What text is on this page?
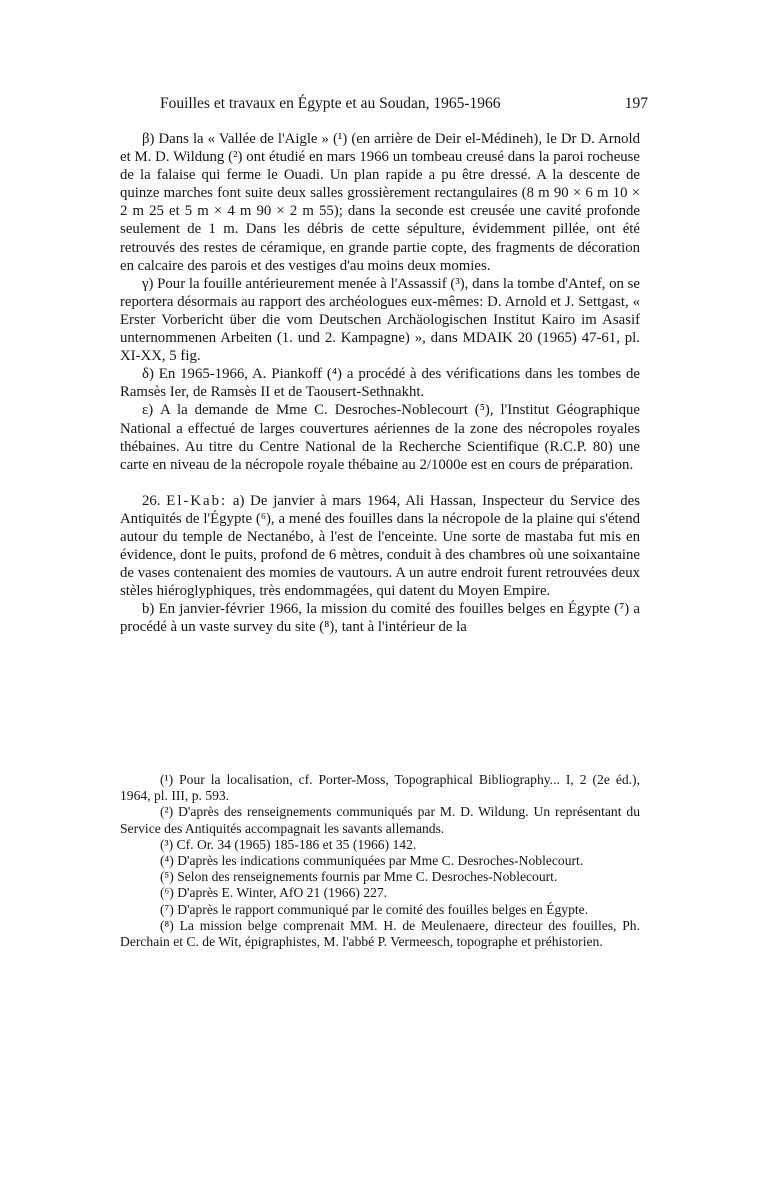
Fouilles et travaux en Égypte et au Soudan, 1965-1966	197

β) Dans la « Vallée de l'Aigle » (¹) (en arrière de Deir el-Médineh), le Dr D. Arnold et M. D. Wildung (²) ont étudié en mars 1966 un tombeau creusé dans la paroi rocheuse de la falaise qui ferme le Ouadi. Un plan rapide a pu être dressé. A la descente de quinze marches font suite deux salles grossièrement rectangulaires (8 m 90 × 6 m 10 × 2 m 25 et 5 m × 4 m 90 × 2 m 55); dans la seconde est creusée une cavité profonde seulement de 1 m. Dans les débris de cette sépulture, évidemment pillée, ont été retrouvés des restes de céramique, en grande partie copte, des fragments de décoration en calcaire des parois et des vestiges d'au moins deux momies.

γ) Pour la fouille antérieurement menée à l'Assassif (³), dans la tombe d'Antef, on se reportera désormais au rapport des archéologues eux-mêmes: D. Arnold et J. Settgast, « Erster Vorbericht über die vom Deutschen Archäologischen Institut Kairo im Asasif unternommenen Arbeiten (1. und 2. Kampagne) », dans MDAIK 20 (1965) 47-61, pl. XI-XX, 5 fig.

δ) En 1965-1966, A. Piankoff (⁴) a procédé à des vérifications dans les tombes de Ramsès Ier, de Ramsès II et de Taousert-Sethnakht.

ε) A la demande de Mme C. Desroches-Noblecourt (⁵), l'Institut Géographique National a effectué de larges couvertures aériennes de la zone des nécropoles royales thébaines. Au titre du Centre National de la Recherche Scientifique (R.C.P. 80) une carte en niveau de la nécropole royale thébaine au 2/1000e est en cours de préparation.

26. El-Kab: a) De janvier à mars 1964, Ali Hassan, Inspecteur du Service des Antiquités de l'Égypte (⁶), a mené des fouilles dans la nécropole de la plaine qui s'étend autour du temple de Nectanébo, à l'est de l'enceinte. Une sorte de mastaba fut mis en évidence, dont le puits, profond de 6 mètres, conduit à des chambres où une soixantaine de vases contenaient des momies de vautours. A un autre endroit furent retrouvées deux stèles hiéroglyphiques, très endommagées, qui datent du Moyen Empire.

b) En janvier-février 1966, la mission du comité des fouilles belges en Égypte (⁷) a procédé à un vaste survey du site (⁸), tant à l'intérieur de la

(¹) Pour la localisation, cf. Porter-Moss, Topographical Bibliography... I, 2 (2e éd.), 1964, pl. III, p. 593.

(²) D'après des renseignements communiqués par M. D. Wildung. Un représentant du Service des Antiquités accompagnait les savants allemands.

(³) Cf. Or. 34 (1965) 185-186 et 35 (1966) 142.

(⁴) D'après les indications communiquées par Mme C. Desroches-Noblecourt.

(⁵) Selon des renseignements fournis par Mme C. Desroches-Noblecourt.

(⁶) D'après E. Winter, AfO 21 (1966) 227.

(⁷) D'après le rapport communiqué par le comité des fouilles belges en Égypte.

(⁸) La mission belge comprenait MM. H. de Meulenaere, directeur des fouilles, Ph. Derchain et C. de Wit, épigraphistes, M. l'abbé P. Vermeesch, topographe et préhistorien.
